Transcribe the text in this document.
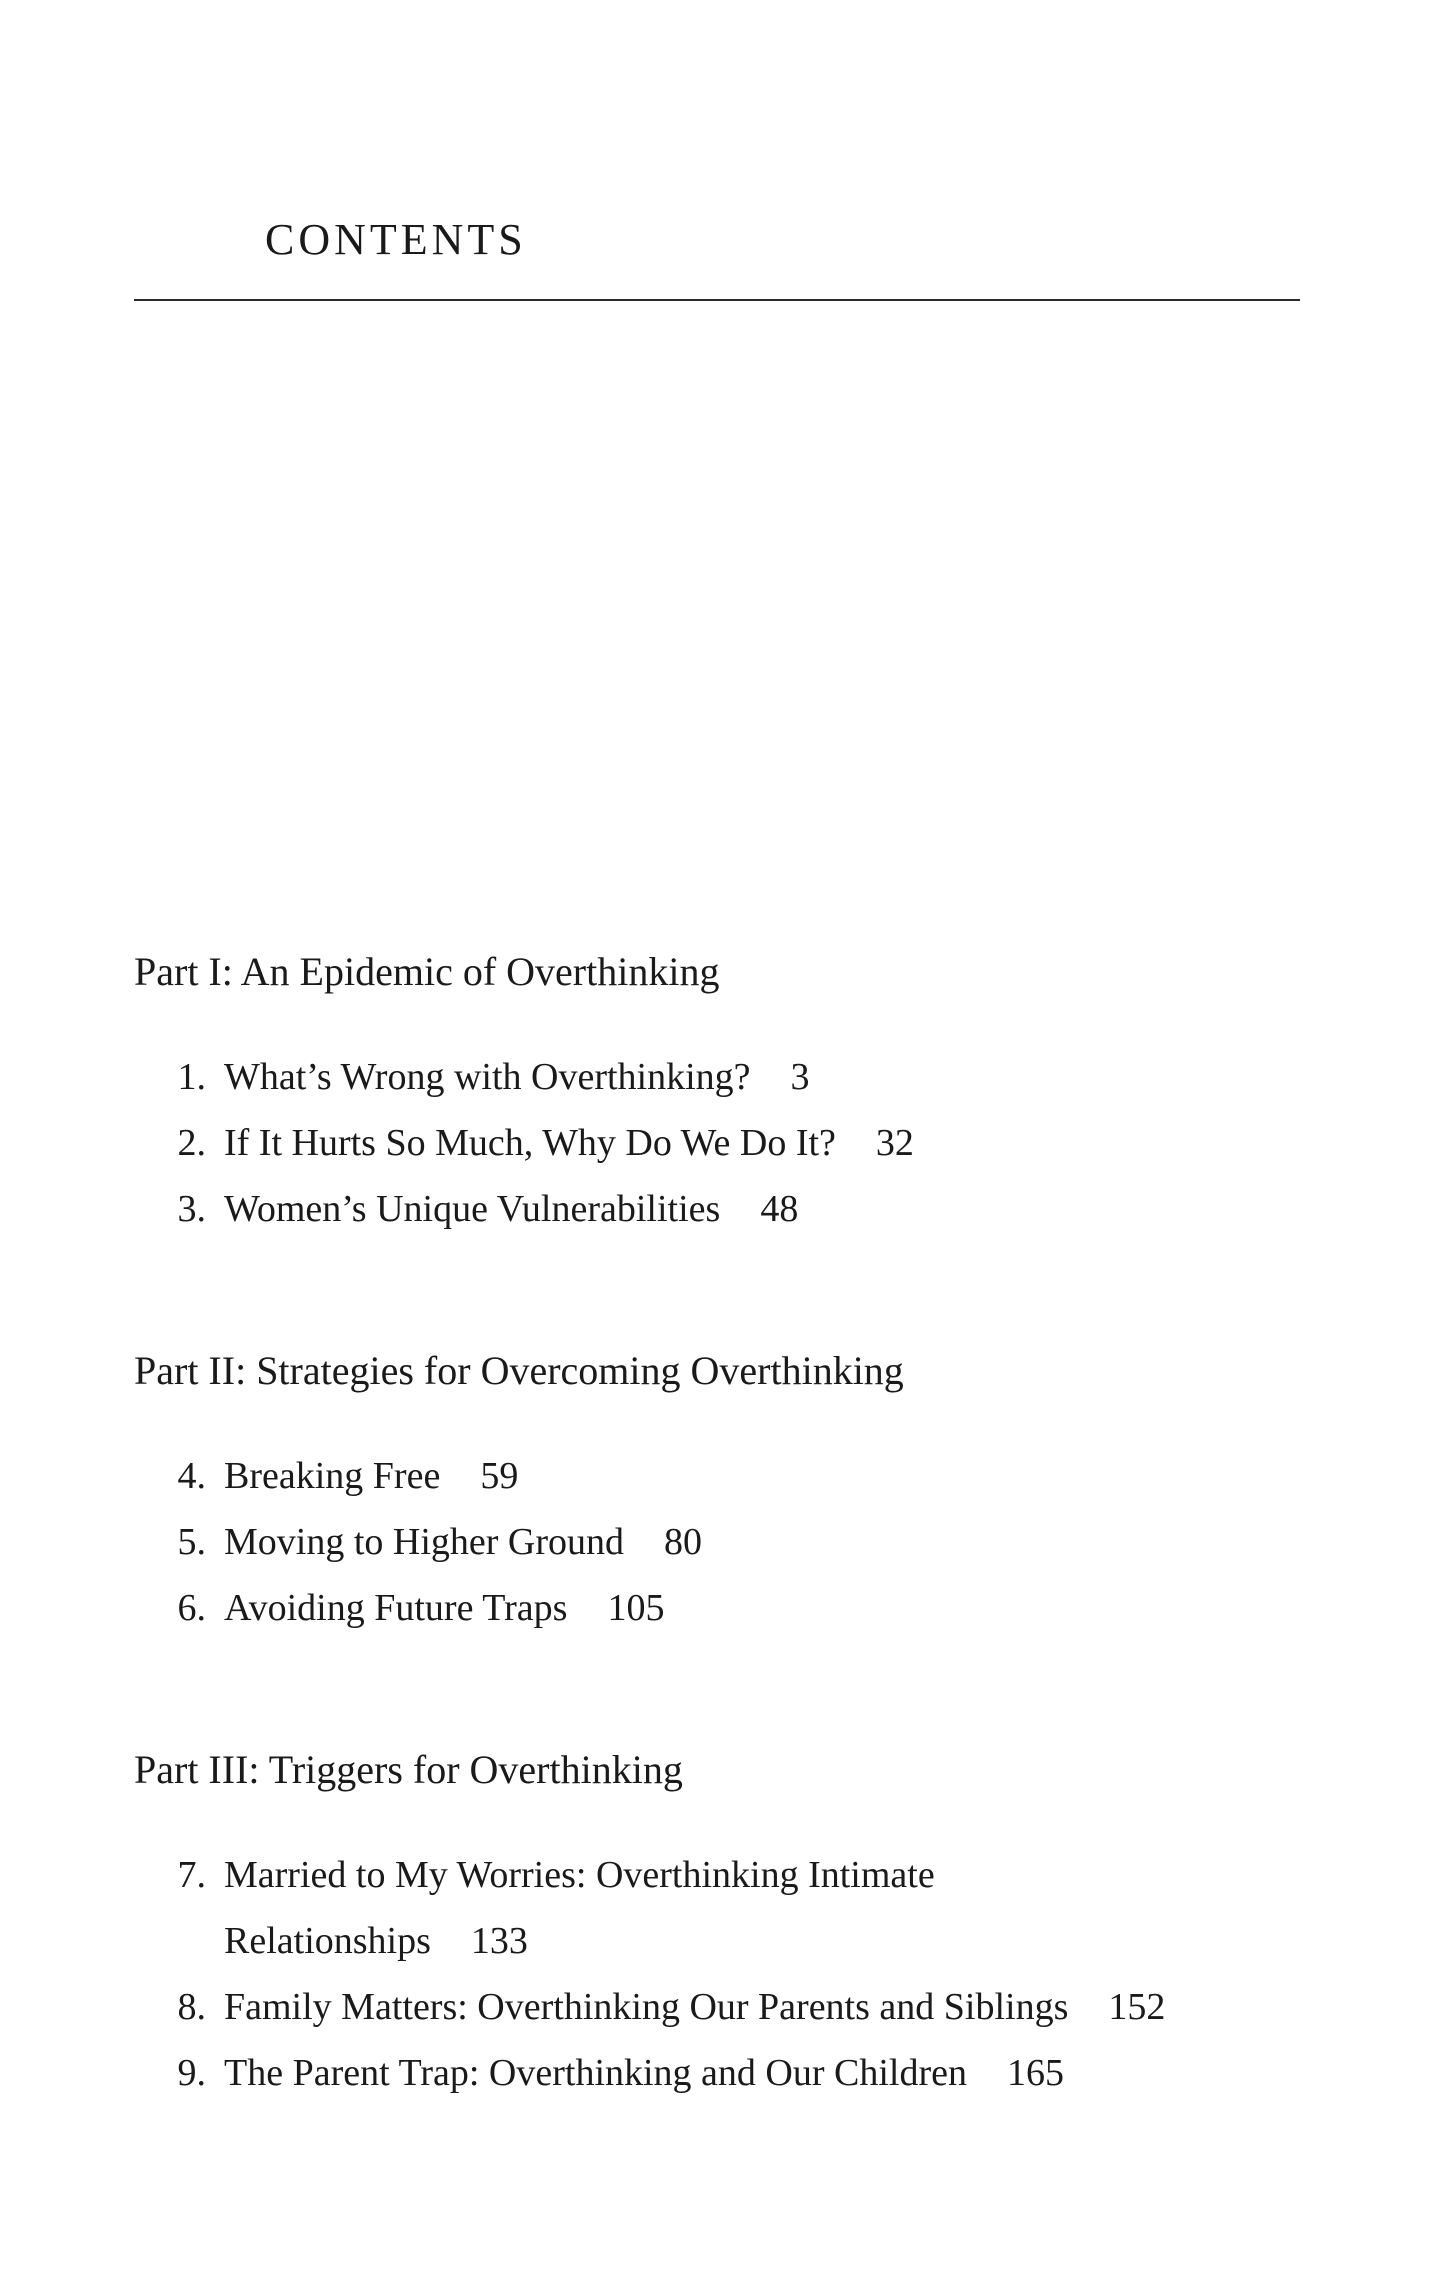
CONTENTS
Part I: An Epidemic of Overthinking
1. What’s Wrong with Overthinking? 3
2. If It Hurts So Much, Why Do We Do It? 32
3. Women’s Unique Vulnerabilities 48
Part II: Strategies for Overcoming Overthinking
4. Breaking Free 59
5. Moving to Higher Ground 80
6. Avoiding Future Traps 105
Part III: Triggers for Overthinking
7. Married to My Worries: Overthinking Intimate Relationships 133
8. Family Matters: Overthinking Our Parents and Siblings 152
9. The Parent Trap: Overthinking and Our Children 165
